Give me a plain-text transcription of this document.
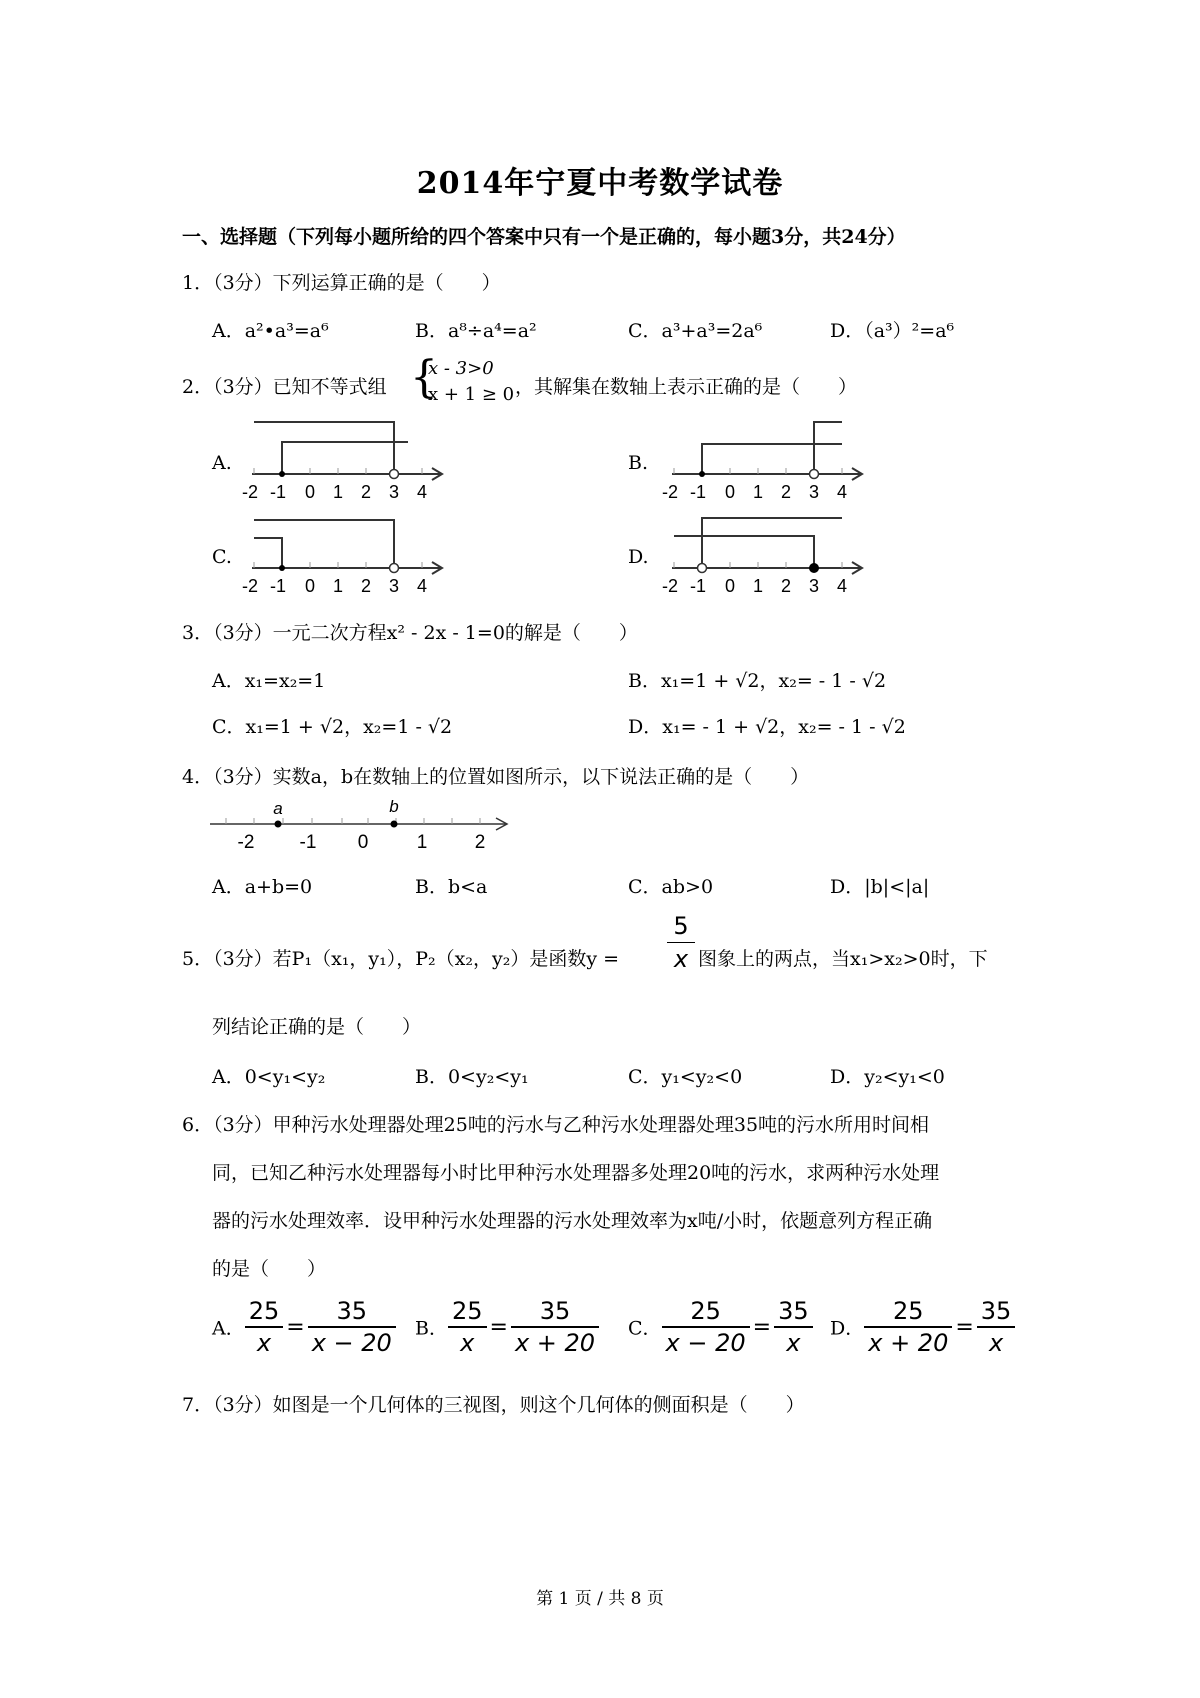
2014年宁夏中考数学试卷
一、选择题（下列每小题所给的四个答案中只有一个是正确的，每小题3分，共24分）
1．（3分）下列运算正确的是（　　）
A．a²•a³=a⁶	B．a⁸÷a⁴=a²	C．a³+a³=2a⁶	D．（a³）²=a⁶
2．（3分）已知不等式组 {
x - 3>0
x + 1 ≥ 0 ，其解集在数轴上表示正确的是（　　）
A.	B.
C.	D.
-2 -1 0 1 2 3 4	-2 -1 0 1 2 3 4
-2 -1 0 1 2 3 4	-2 -1 0 1 2 3 4
3．（3分）一元二次方程x² - 2x - 1=0的解是（　　）
A．x₁=x₂=1	B．x₁=1 + √2，x₂= - 1 - √2
C．x₁=1 + √2，x₂=1 - √2	D．x₁= - 1 + √2，x₂= - 1 - √2
4．（3分）实数a，b在数轴上的位置如图所示，以下说法正确的是（　　）
a	b
-2 -1 0	1 2
A．a+b=0	B．b<a	C．ab>0	D．|b|<|a|
5．（3分）若P₁（x₁，y₁），P₂（x₂，y₂）是函数$y = \frac{5}{x}$ 图象上的两点，当x₁>x₂>0时，下
列结论正确的是（　　）
A．0<y₁<y₂	B．0<y₂<y₁	C．y₁<y₂<0	D．y₂<y₁<0
6．（3分）甲种污水处理器处理25吨的污水与乙种污水处理器处理35吨的污水所用时间相
同，已知乙种污水处理器每小时比甲种污水处理器多处理20吨的污水，求两种污水处理
器的污水处理效率．设甲种污水处理器的污水处理效率为x吨/小时，依题意列方程正确
的是（　　）
A． $\frac{25}{x} = \frac{35}{x - 20}$ B． $\frac{25}{x} = \frac{35}{x + 20}$ C． $\frac{25}{x - 20} = \frac{35}{x}$ D． $\frac{25}{x + 20} = \frac{35}{x}$
7．（3分）如图是一个几何体的三视图，则这个几何体的侧面积是（　　）
第 1 页 / 共 8 页
